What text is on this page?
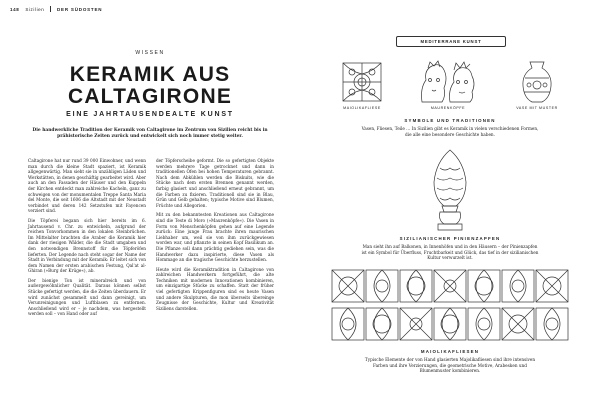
148 Sizilien	DER SÜDOSTEN
WISSEN
KERAMIK AUS
CALTAGIRONE
EINE JAHRTAUSENDEALTE KUNST
Die handwerkliche Tradition der Keramik von Caltagirone im Zentrum von Sizilien reicht bis in prähistorische Zeiten zurück und entwickelt sich noch immer stetig weiter.

Caltagirone hat nur rund 39 000 Einwohner, und wenn man durch die kleine Stadt spaziert, ist Keramik allgegenwärtig. Man sieht sie in unzähligen Läden und Werkstätten, in denen geschäftig gearbeitet wird. Aber auch an den Fassaden der Häuser und den Kuppeln der Kirchen entdeckt man zahlreiche Kacheln, ganz zu schweigen von der monumentalen Treppe Santa Maria del Monte, die seit 1606 die Altstadt mit der Neustadt verbindet und deren 142 Setzstufen mit Fayencen verziert sind.

Die Töpferei begann sich hier bereits im 6. Jahrtausend v. Chr. zu entwickeln, aufgrund der reichen Tonvorkommen in den lokalen Steinbrüchen. Im Mittelalter brachten die Araber die Keramik hier dank der riesigen Wälder, die die Stadt umgaben und den notwendigen Brennstoff für die Töpferöfen lieferten. Der Legende nach steht sogar der Name der Stadt in Verbindung mit der Keramik: Er leitet sich von dem Namen der ersten arabischen Festung, Qal'at al-Ghiran (»Burg der Krüge«), ab.

Der bienige Ton ist mineralreich und von außergewöhnlicher Qualität. Daraus können selbst Stücke gefertigt werden, die die Zeiten überdauern. Er wird zunächst gesammelt und dann gereinigt, um Verunreinigungen und Luftblasen zu entfernen. Anschließend wird er – je nachdem, was hergestellt werden soll – von Hand oder auf

der Töpferscheibe geformt. Die so gefertigten Objekte werden mehrere Tage getrocknet und dann in traditionellen Öfen bei hohen Temperaturen gebrannt. Nach dem Abkühlen werden die Biskuits, wie die Stücke nach dem ersten Brennen genannt werden, farbig glasiert und anschließend erneut gebrannt, um die Farben zu fixieren. Traditionell sind sie in Blau, Grün und Gelb gehalten; typische Motive sind Blumen, Früchte und Allegorien.

Mit zu den bekanntesten Kreationen aus Caltagirone sind die Teste di Moro (»Maurenköpfe«). Die Vasen in Form von Menschenköpfen gehen auf eine Legende zurück: Eine junge Frau brachte ihren maurischen Liebhaber um, weil sie von ihm zurückgewiesen worden war, und pflanzte in seinen Kopf Basilikum an. Die Pflanze soll dann prächtig gediehen sein, was die Handwerker dazu inspirierte, diese Vasen als Hommage an die tragische Geschichte herzustellen.

Heute wird die Keramiktradition in Caltagirone von zahlreichen Handwerkern fortgeführt, die alte Techniken mit modernen Innovationen kombinieren, um einzigartige Stücke zu schaffen. Statt der früher viel gefertigten Krippenfiguren sind es heute Vasen und andere Skulpturen, die mon überseits übereinge Zeugnisse der Geschichte, Kultur und Kreativität Siziliens darstellen.

MEDITERRANE KUNST
MAIOLIKAFLIESE	MAURENKÖPFE	VASE MIT MUSTER
SYMBOLE UND TRADITIONEN
Vasen, Fliesen, Teile … In Sizilien gibt es Keramik in vielen verschiedenen Formen, die alle eine besondere Geschichte haben.
SIZILIANISCHER PINIENZAPFEN
Man sieht ihn auf Balkonen, in Innenhöfen und in den Häusern – der Pinienzapfen ist ein Symbol für Überfluss, Fruchtbarkeit und Glück, das tief in der sizilianischen Kultur verwurzelt ist.
MAIOLIKAFLIESEN
Typische Elemente der von Hand glasierten Majolikafliesen sind ihre intensiven Farben und ihre Verzierungen, die geometrische Motive, Arabesken und Blumenmuster kombinieren.
